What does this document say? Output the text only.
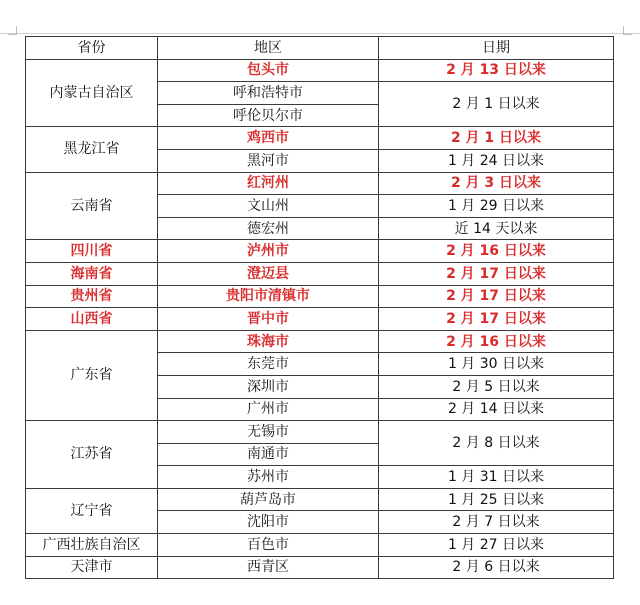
省份	地区	日期
内蒙古自治区	包头市	2 月 13 日以来
	呼和浩特市	2 月 1 日以来
	呼伦贝尔市	
黑龙江省	鸡西市	2 月 1 日以来
	黑河市	1 月 24 日以来
云南省	红河州	2 月 3 日以来
	文山州	1 月 29 日以来
	德宏州	近 14 天以来
四川省	泸州市	2 月 16 日以来
海南省	澄迈县	2 月 17 日以来
贵州省	贵阳市清镇市	2 月 17 日以来
山西省	晋中市	2 月 17 日以来
广东省	珠海市	2 月 16 日以来
	东莞市	1 月 30 日以来
	深圳市	2 月 5 日以来
	广州市	2 月 14 日以来
江苏省	无锡市	2 月 8 日以来
	南通市	
	苏州市	1 月 31 日以来
辽宁省	葫芦岛市	1 月 25 日以来
	沈阳市	2 月 7 日以来
广西壮族自治区	百色市	1 月 27 日以来
天津市	西青区	2 月 6 日以来
